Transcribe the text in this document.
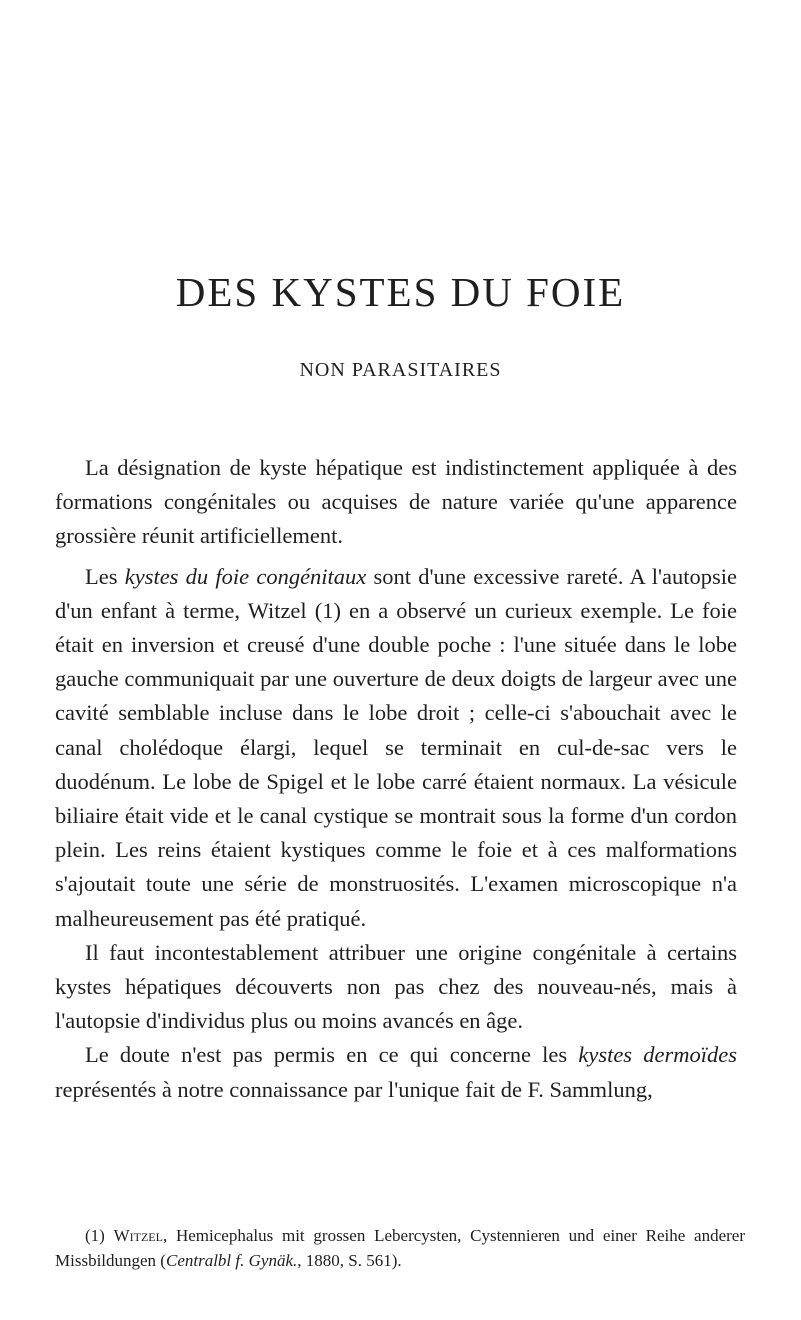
DES KYSTES DU FOIE
NON PARASITAIRES

La désignation de kyste hépatique est indistinctement appliquée à des formations congénitales ou acquises de nature variée qu'une apparence grossière réunit artificiellement.

Les kystes du foie congénitaux sont d'une excessive rareté. A l'autopsie d'un enfant à terme, Witzel (1) en a observé un curieux exemple. Le foie était en inversion et creusé d'une double poche : l'une située dans le lobe gauche communiquait par une ouverture de deux doigts de largeur avec une cavité semblable incluse dans le lobe droit ; celle-ci s'abouchait avec le canal cholédoque élargi, lequel se terminait en cul-de-sac vers le duodénum. Le lobe de Spigel et le lobe carré étaient normaux. La vésicule biliaire était vide et le canal cystique se montrait sous la forme d'un cordon plein. Les reins étaient kystiques comme le foie et à ces malformations s'ajoutait toute une série de monstruosités. L'examen microscopique n'a malheureusement pas été pratiqué.

Il faut incontestablement attribuer une origine congénitale à certains kystes hépatiques découverts non pas chez des nouveau-nés, mais à l'autopsie d'individus plus ou moins avancés en âge.

Le doute n'est pas permis en ce qui concerne les kystes dermoïdes représentés à notre connaissance par l'unique fait de F. Sammlung,

(1) Witzel, Hemicephalus mit grossen Lebercysten, Cystennieren und einer Reihe anderer Missbildungen (Centralbl f. Gynäk., 1880, S. 561).
